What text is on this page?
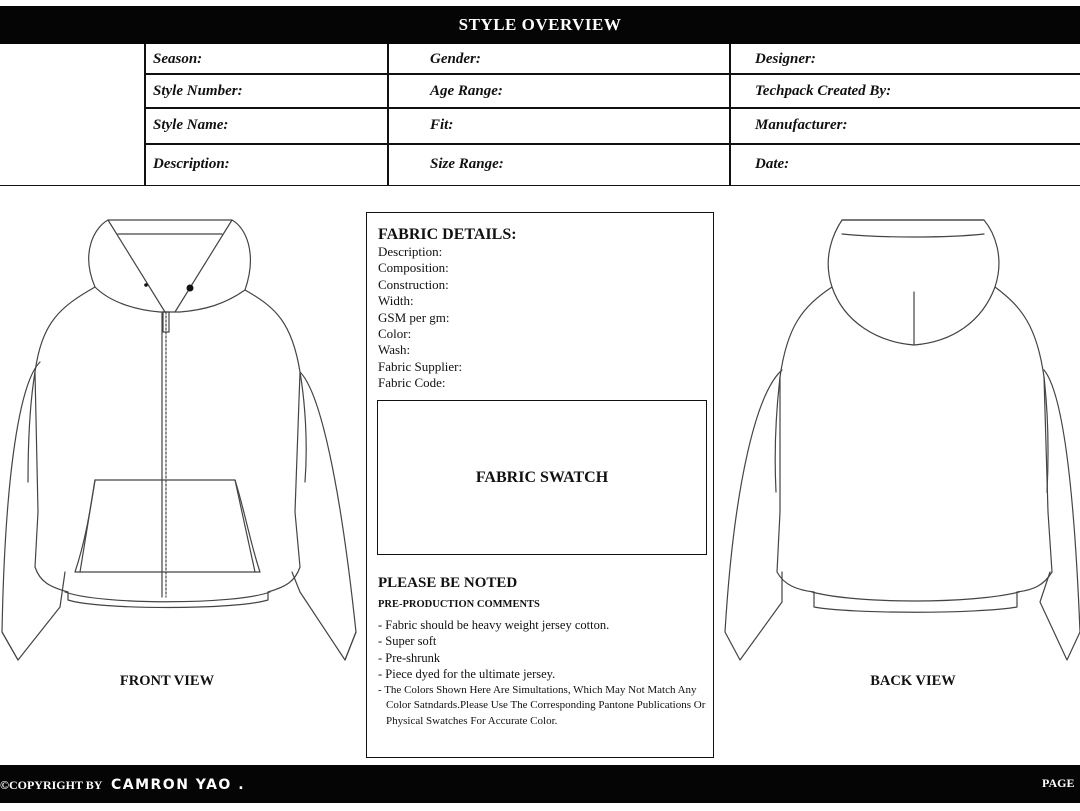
STYLE OVERVIEW
Season:	Gender:	Designer:
Style Number:	Age Range:	Techpack Created By:
Style Name:	Fit:	Manufacturer:
Description:	Size Range:	Date:
FRONT VIEW
FABRIC DETAILS:
Description:
Composition:
Construction:
Width:
GSM per gm:
Color:
Wash:
Fabric Supplier:
Fabric Code:
FABRIC SWATCH
PLEASE BE NOTED
PRE-PRODUCTION COMMENTS
- Fabric should be heavy weight jersey cotton.
- Super soft
- Pre-shrunk
- Piece dyed for the ultimate jersey.
- The Colors Shown Here Are Simultations, Which May Not Match Any Color Satndards.Please Use The Corresponding Pantone Publications Or Physical Swatches For Accurate Color.
BACK VIEW
©COPYRIGHT BY CAMRON YAO .	PAGE
